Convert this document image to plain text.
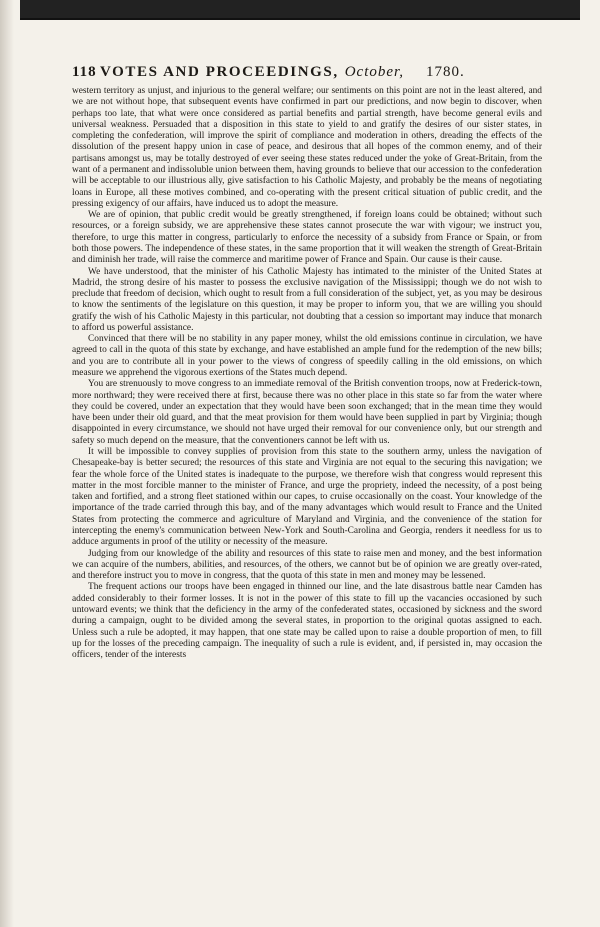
118 VOTES AND PROCEEDINGS, October, 1780.

western territory as unjust, and injurious to the general welfare; our sentiments on this point are not in the least altered, and we are not without hope, that subsequent events have confirmed in part our predictions, and now begin to discover, when perhaps too late, that what were once considered as partial benefits and partial strength, have become general evils and universal weakness. Persuaded that a disposition in this state to yield to and gratify the desires of our sister states, in completing the confederation, will improve the spirit of compliance and moderation in others, dreading the effects of the dissolution of the present happy union in case of peace, and desirous that all hopes of the common enemy, and of their partisans amongst us, may be totally destroyed of ever seeing these states reduced under the yoke of Great-Britain, from the want of a permanent and indissoluble union between them, having grounds to believe that our accession to the confederation will be acceptable to our illustrious ally, give satisfaction to his Catholic Majesty, and probably be the means of negotiating loans in Europe, all these motives combined, and co-operating with the present critical situation of public credit, and the pressing exigency of our affairs, have induced us to adopt the measure.

We are of opinion, that public credit would be greatly strengthened, if foreign loans could be obtained; without such resources, or a foreign subsidy, we are apprehensive these states cannot prosecute the war with vigour; we instruct you, therefore, to urge this matter in congress, particularly to enforce the necessity of a subsidy from France or Spain, or from both those powers. The independence of these states, in the same proportion that it will weaken the strength of Great-Britain and diminish her trade, will raise the commerce and maritime power of France and Spain. Our cause is their cause.

We have understood, that the minister of his Catholic Majesty has intimated to the minister of the United States at Madrid, the strong desire of his master to possess the exclusive navigation of the Mississippi; though we do not wish to preclude that freedom of decision, which ought to result from a full consideration of the subject, yet, as you may be desirous to know the sentiments of the legislature on this question, it may be proper to inform you, that we are willing you should gratify the wish of his Catholic Majesty in this particular, not doubting that a cession so important may induce that monarch to afford us powerful assistance.

Convinced that there will be no stability in any paper money, whilst the old emissions continue in circulation, we have agreed to call in the quota of this state by exchange, and have established an ample fund for the redemption of the new bills; and you are to contribute all in your power to the views of congress of speedily calling in the old emissions, on which measure we apprehend the vigorous exertions of the States much depend.

You are strenuously to move congress to an immediate removal of the British convention troops, now at Frederick-town, more northward; they were received there at first, because there was no other place in this state so far from the water where they could be covered, under an expectation that they would have been soon exchanged; that in the mean time they would have been under their old guard, and that the meat provision for them would have been supplied in part by Virginia; though disappointed in every circumstance, we should not have urged their removal for our convenience only, but our strength and safety so much depend on the measure, that the conventioners cannot be left with us.

It will be impossible to convey supplies of provision from this state to the southern army, unless the navigation of Chesapeake-bay is better secured; the resources of this state and Virginia are not equal to the securing this navigation; we fear the whole force of the United states is inadequate to the purpose, we therefore wish that congress would represent this matter in the most forcible manner to the minister of France, and urge the propriety, indeed the necessity, of a post being taken and fortified, and a strong fleet stationed within our capes, to cruise occasionally on the coast. Your knowledge of the importance of the trade carried through this bay, and of the many advantages which would result to France and the United States from protecting the commerce and agriculture of Maryland and Virginia, and the convenience of the station for intercepting the enemy's communication between New-York and South-Carolina and Georgia, renders it needless for us to adduce arguments in proof of the utility or necessity of the measure.

Judging from our knowledge of the ability and resources of this state to raise men and money, and the best information we can acquire of the numbers, abilities, and resources, of the others, we cannot but be of opinion we are greatly over-rated, and therefore instruct you to move in congress, that the quota of this state in men and money may be lessened.

The frequent actions our troops have been engaged in thinned our line, and the late disastrous battle near Camden has added considerably to their former losses. It is not in the power of this state to fill up the vacancies occasioned by such untoward events; we think that the deficiency in the army of the confederated states, occasioned by sickness and the sword during a campaign, ought to be divided among the several states, in proportion to the original quotas assigned to each. Unless such a rule be adopted, it may happen, that one state may be called upon to raise a double proportion of men, to fill up for the losses of the preceding campaign. The inequality of such a rule is evident, and, if persisted in, may occasion the officers, tender of the interests
